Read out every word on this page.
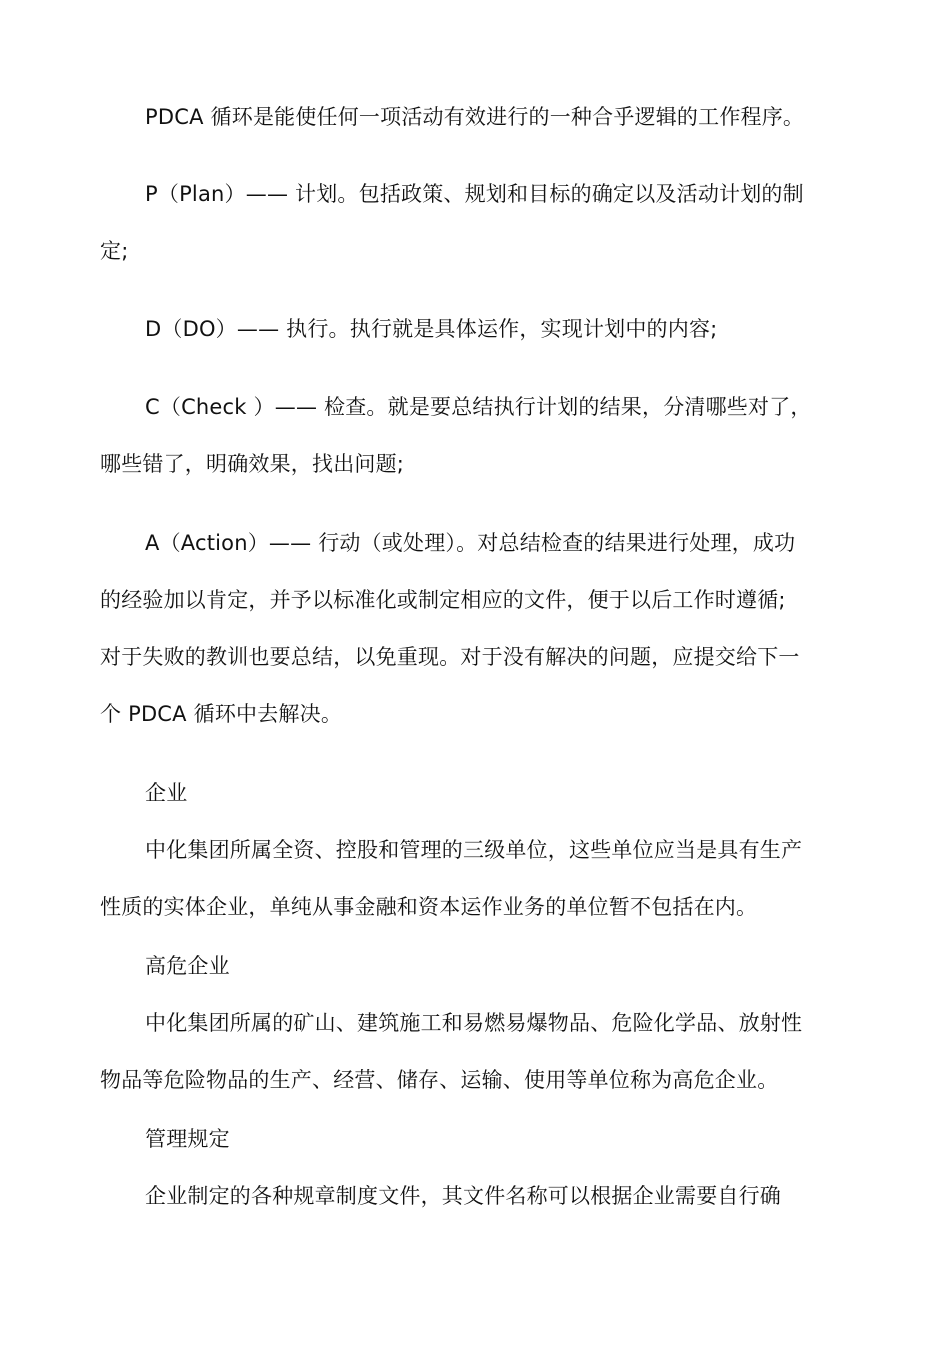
PDCA 循环是能使任何一项活动有效进行的一种合乎逻辑的工作程序。
P（Plan）—— 计划。包括政策、规划和目标的确定以及活动计划的制
定;
D（DO）—— 执行。执行就是具体运作，实现计划中的内容;
C（Check ）—— 检查。就是要总结执行计划的结果，分清哪些对了，
哪些错了，明确效果，找出问题;
A（Action）—— 行动（或处理）。对总结检查的结果进行处理，成功
的经验加以肯定，并予以标准化或制定相应的文件，便于以后工作时遵循;
对于失败的教训也要总结，以免重现。对于没有解决的问题，应提交给下一
个 PDCA 循环中去解决。
企业
中化集团所属全资、控股和管理的三级单位，这些单位应当是具有生产
性质的实体企业，单纯从事金融和资本运作业务的单位暂不包括在内。
高危企业
中化集团所属的矿山、建筑施工和易燃易爆物品、危险化学品、放射性
物品等危险物品的生产、经营、储存、运输、使用等单位称为高危企业。
管理规定
企业制定的各种规章制度文件，其文件名称可以根据企业需要自行确
